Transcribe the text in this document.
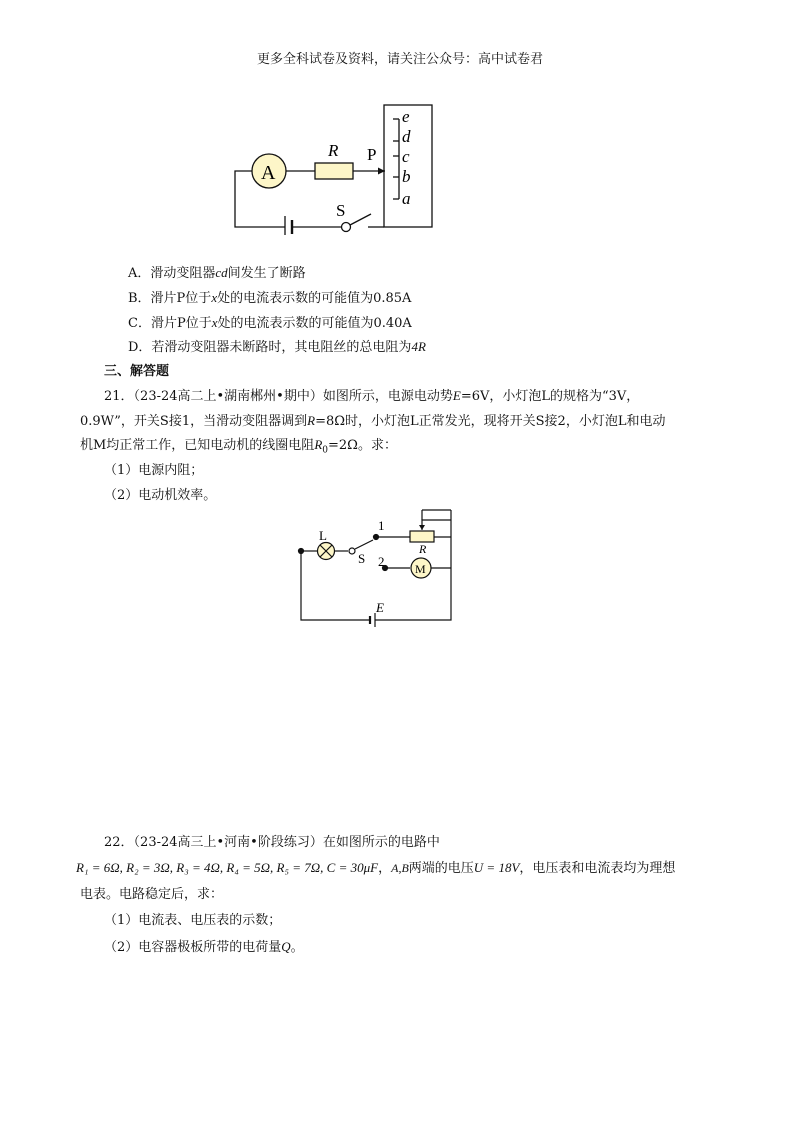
更多全科试卷及资料，请关注公众号：高中试卷君
A
R P
S
e
d
c
b
a
A．滑动变阻器cd间发生了断路
B．滑片P位于x处的电流表示数的可能值为0.85A
C．滑片P位于x处的电流表示数的可能值为0.40A
D．若滑动变阻器未断路时，其电阻丝的总电阻为4R
三、解答题
21．（23-24高二上•湖南郴州•期中）如图所示，电源电动势E=6V，小灯泡L的规格为“3V，
0.9W”，开关S接1，当滑动变阻器调到R=8Ω时，小灯泡L正常发光，现将开关S接2，小灯泡L和电动
机M均正常工作，已知电动机的线圈电阻$R_0=2\Omega$。求：
（1）电源内阻；
（2）电动机效率。
L
S
1
2
R
M
E
22．（23-24高三上•河南•阶段练习）在如图所示的电路中
R₁ = 6Ω, R₂ = 3Ω, R₃ = 4Ω, R₄ = 5Ω, R₅ = 7Ω, C = 30μF，A,B两端的电压U = 18V，电压表和电流表均为理想
电表。电路稳定后，求：
（1）电流表、电压表的示数；
（2）电容器极板所带的电荷量Q。
